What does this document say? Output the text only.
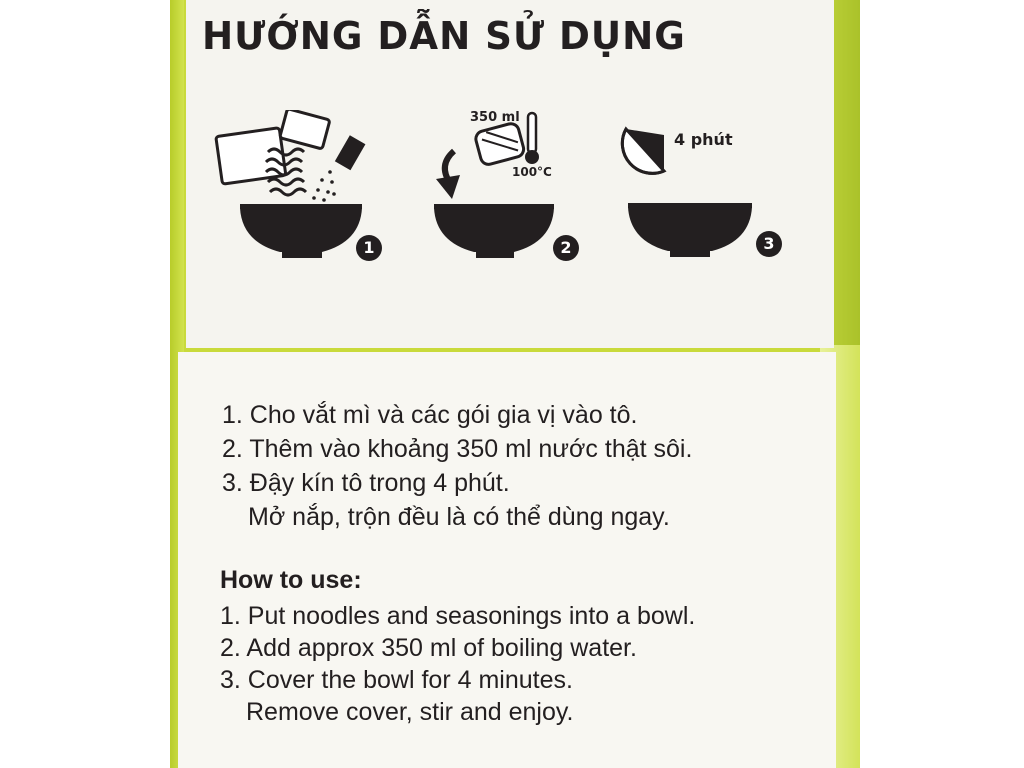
HƯỚNG DẪN SỬ DỤNG
1
350 ml
100°C
2
4 phút
3
1. Cho vắt mì và các gói gia vị vào tô.
2. Thêm vào khoảng 350 ml nước thật sôi.
3. Đậy kín tô trong 4 phút.
Mở nắp, trộn đều là có thể dùng ngay.
How to use:
1. Put noodles and seasonings into a bowl.
2. Add approx 350 ml of boiling water.
3. Cover the bowl for 4 minutes.
Remove cover, stir and enjoy.
